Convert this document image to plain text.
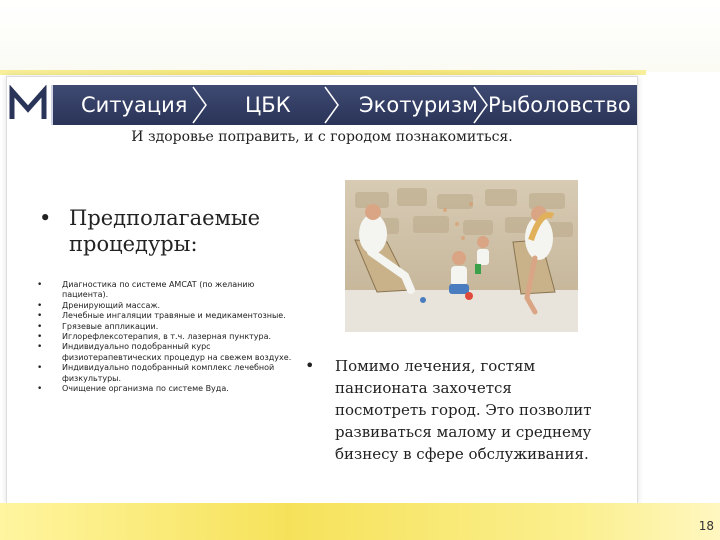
Ситуация	ЦБК	Экотуризм Рыболовство
И здоровье поправить, и с городом познакомиться.
• Предполагаемые процедуры:
• Диагностика по системе AMCAT (по желанию пациента).
• Дренирующий массаж.
• Лечебные ингаляции травяные и медикаментозные.
• Грязевые аппликации.
• Иглорефлексотерапия, в т.ч. лазерная пунктура.
• Индивидуально подобранный курс физиотерапевтических процедур на свежем воздухе.
• Индивидуально подобранный комплекс лечебной физкультуры.
• Очищение организма по системе Вуда.
•	Помимо лечения, гостям пансионата захочется посмотреть город. Это позволит развиваться малому и среднему бизнесу в сфере обслуживания.
18
